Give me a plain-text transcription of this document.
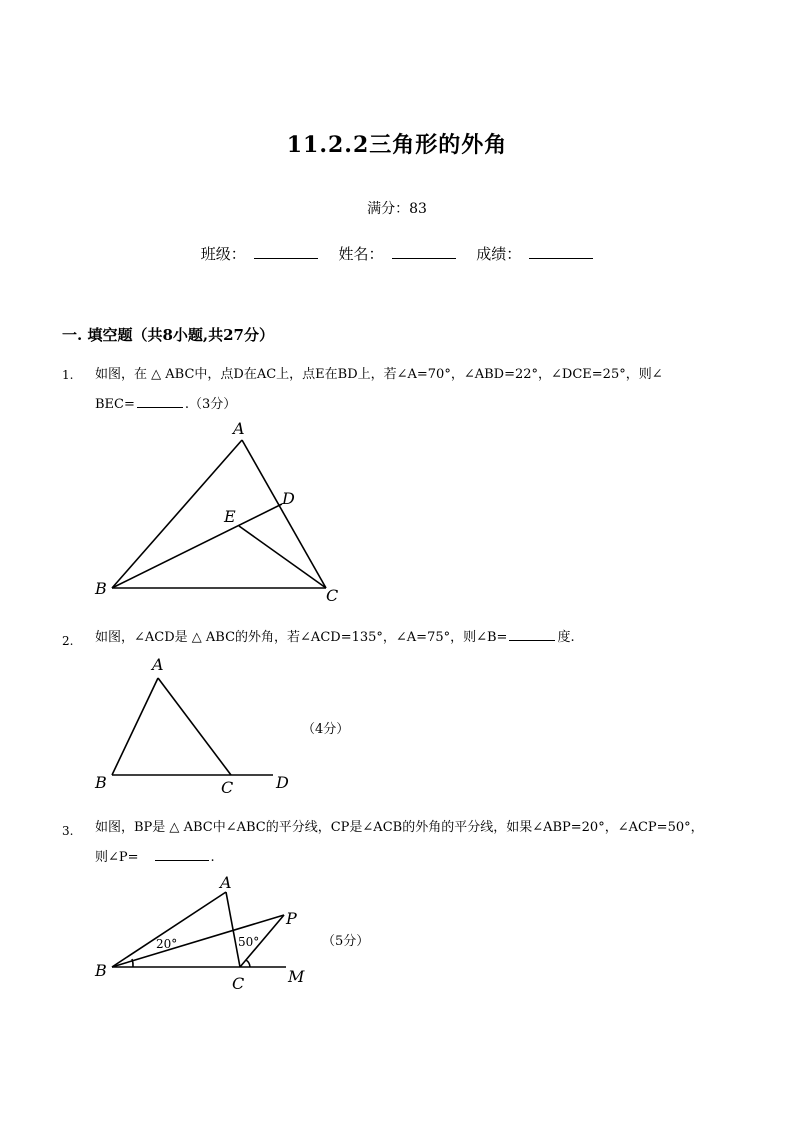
11.2.2三角形的外角
满分：83
班级：	姓名：	成绩：
一. 填空题（共8小题,共27分）
1. 如图，在 △ ABC中，点D在AC上，点E在BD上，若∠A=70°，∠ABD=22°，∠DCE=25°，则∠
BEC=	.（3分）
A
B	C
D
E
2. 如图，∠ACD是 △ ABC的外角，若∠ACD=135°，∠A=75°，则∠B=	度.
A
B	C	D
（4分）
3. 如图，BP是 △ ABC中∠ABC的平分线，CP是∠ACB的外角的平分线，如果∠ABP=20°，∠ACP=50°，
则∠P=	.
A
B
C
P
M
20°	50°	（5分）
